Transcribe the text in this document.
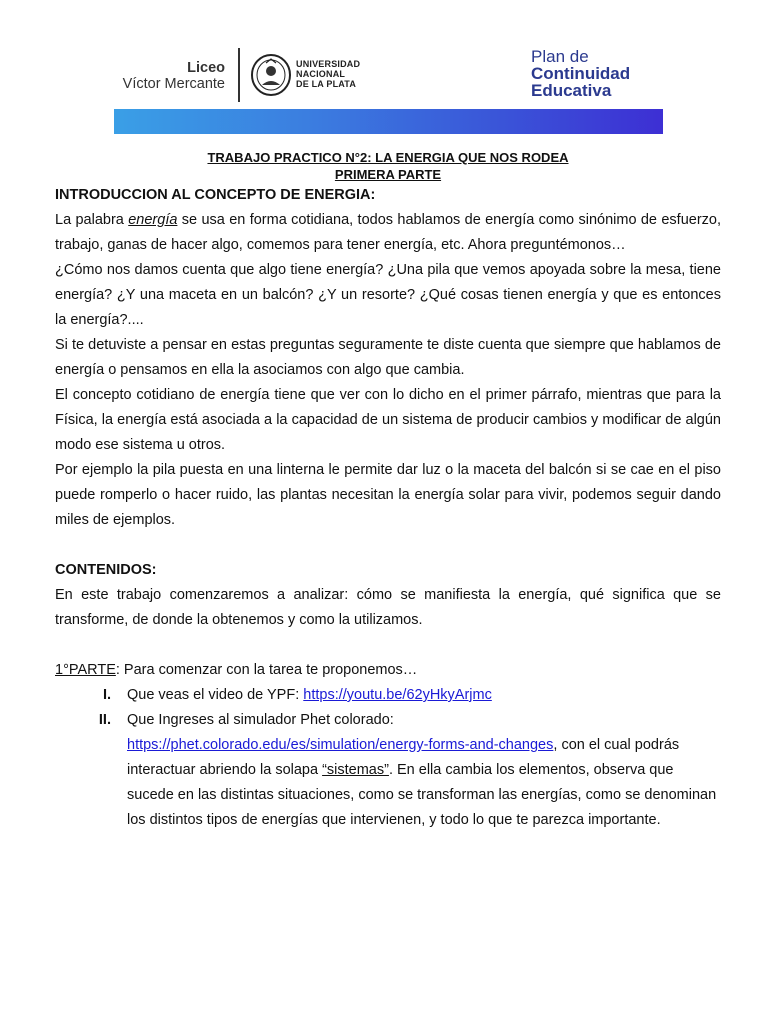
Liceo
Víctor Mercante
UNIVERSIDAD
NACIONAL
DE LA PLATA
Plan de
Continuidad
Educativa

TRABAJO PRACTICO N°2: LA ENERGIA QUE NOS RODEA

PRIMERA PARTE

INTRODUCCION AL CONCEPTO DE ENERGIA:

La palabra energía se usa en forma cotidiana, todos hablamos de energía como sinónimo de esfuerzo, trabajo, ganas de hacer algo, comemos para tener energía, etc. Ahora preguntémonos…

¿Cómo nos damos cuenta que algo tiene energía? ¿Una pila que vemos apoyada sobre la mesa, tiene energía? ¿Y una maceta en un balcón? ¿Y un resorte? ¿Qué cosas tienen energía y que es entonces la energía?....

Si te detuviste a pensar en estas preguntas seguramente te diste cuenta que siempre que hablamos de energía o pensamos en ella la asociamos con algo que cambia.

El concepto cotidiano de energía tiene que ver con lo dicho en el primer párrafo, mientras que para la Física, la energía está asociada a la capacidad de un sistema de producir cambios y modificar de algún modo ese sistema u otros.

Por ejemplo la pila puesta en una linterna le permite dar luz o la maceta del balcón si se cae en el piso puede romperlo o hacer ruido, las plantas necesitan la energía solar para vivir, podemos seguir dando miles de ejemplos.

CONTENIDOS:

En este trabajo comenzaremos a analizar: cómo se manifiesta la energía, qué significa que se transforme, de donde la obtenemos y como la utilizamos.

1°PARTE: Para comenzar con la tarea te proponemos…

I. Que veas el video de YPF: https://youtu.be/62yHkyArjmc
II. Que Ingreses al simulador Phet colorado:
https://phet.colorado.edu/es/simulation/energy-forms-and-changes, con el cual podrás interactuar abriendo la solapa “sistemas”. En ella cambia los elementos, observa que sucede en las distintas situaciones, como se transforman las energías, como se denominan los distintos tipos de energías que intervienen, y todo lo que te parezca importante.
